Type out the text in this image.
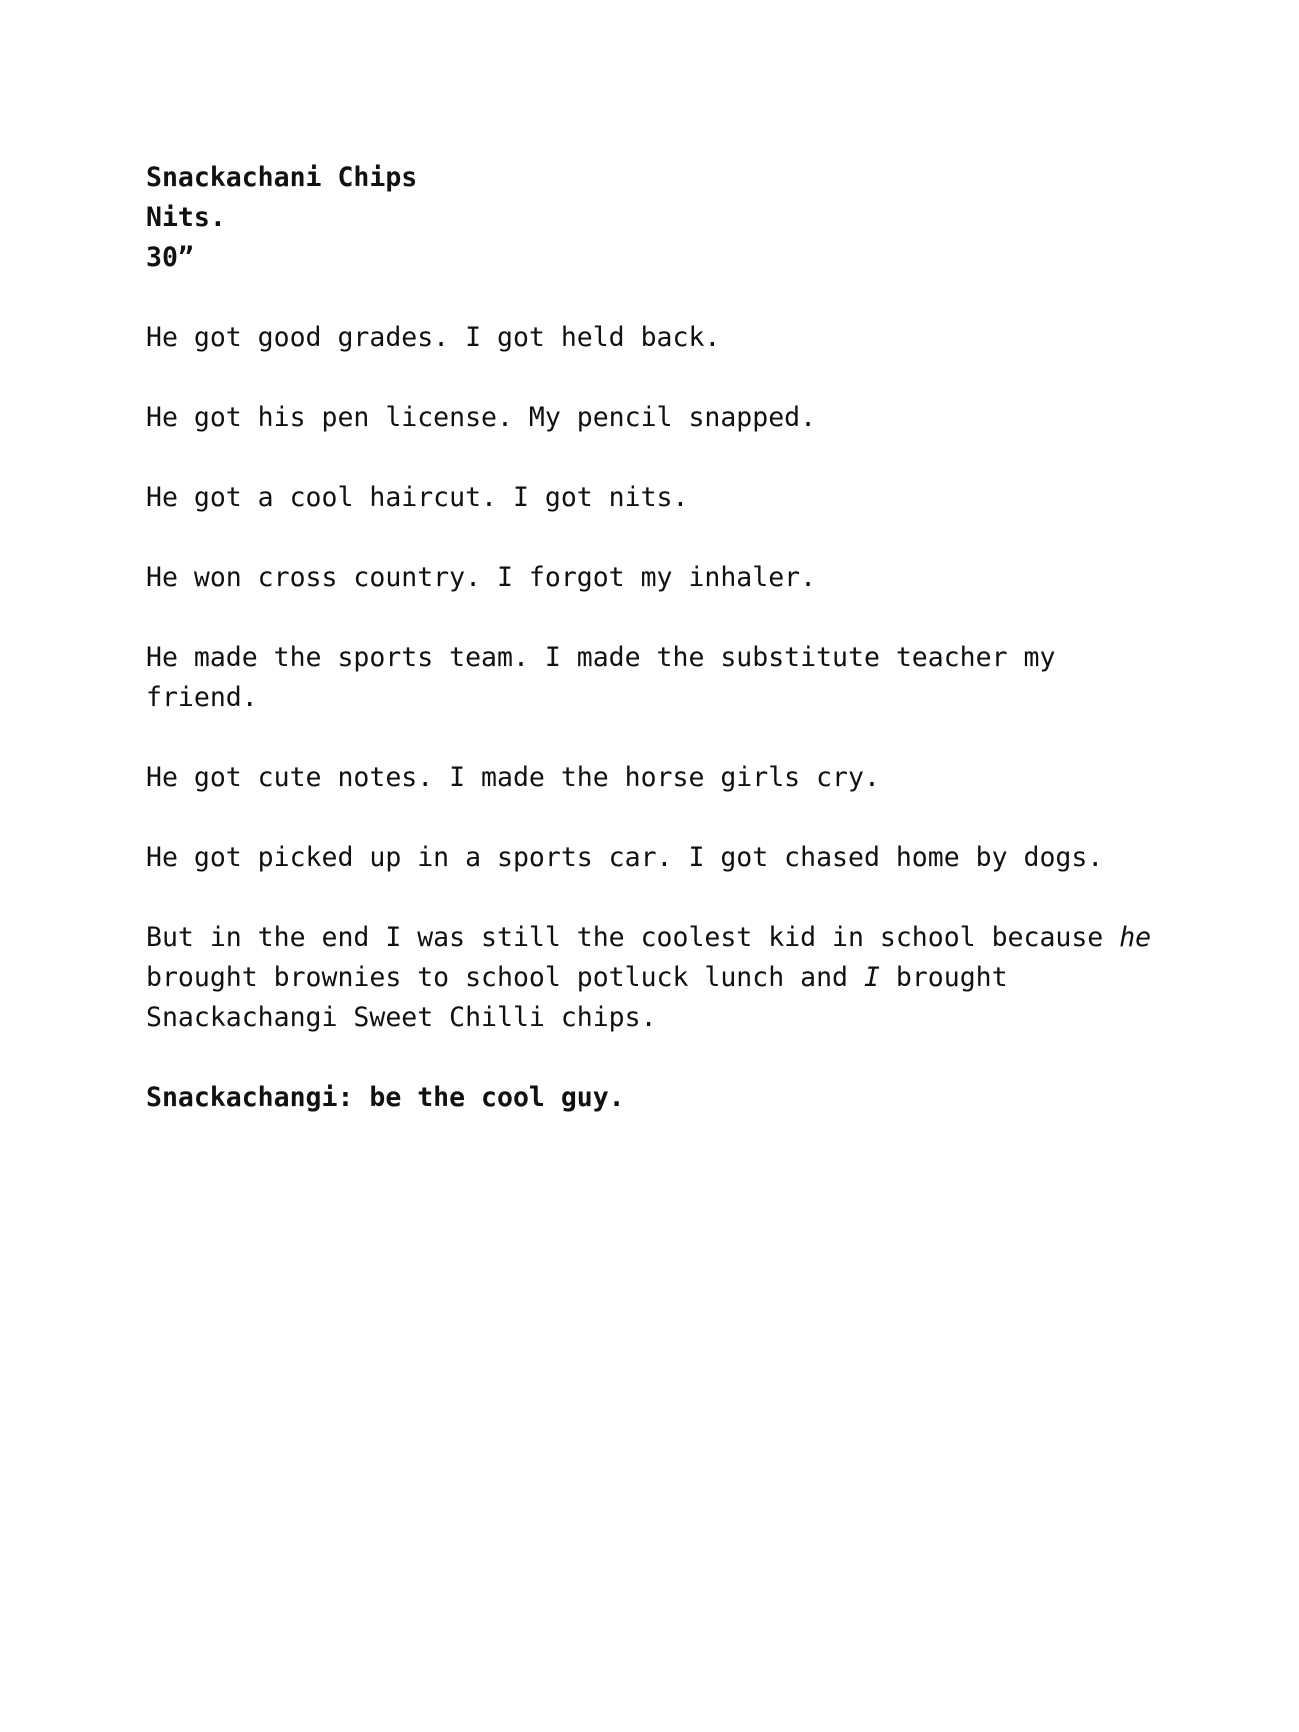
Snackachani Chips

Nits.

30”

He got good grades. I got held back.

He got his pen license. My pencil snapped.

He got a cool haircut. I got nits.

He won cross country. I forgot my inhaler.

He made the sports team. I made the substitute teacher my friend.

He got cute notes. I made the horse girls cry.

He got picked up in a sports car. I got chased home by dogs.

But in the end I was still the coolest kid in school because he brought brownies to school potluck lunch and I brought Snackachangi Sweet Chilli chips.

Snackachangi: be the cool guy.
